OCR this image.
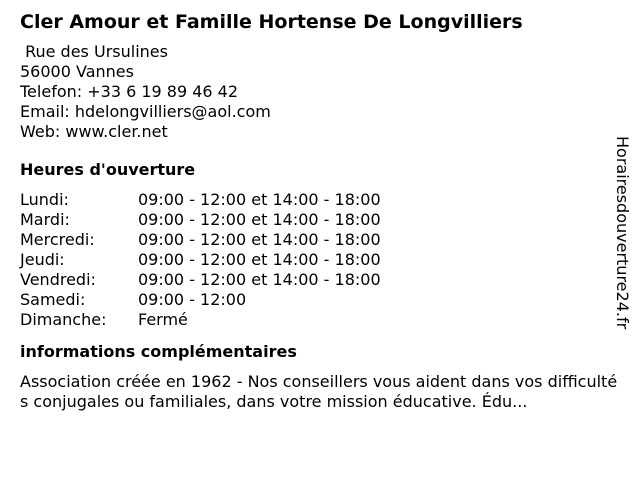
Cler Amour et Famille Hortense De Longvilliers
Rue des Ursulines
56000 Vannes
Telefon: +33 6 19 89 46 42
Email: hdelongvilliers@aol.com
Web: www.cler.net
Heures d'ouverture
Lundi:	09:00 - 12:00 et 14:00 - 18:00
Mardi:	09:00 - 12:00 et 14:00 - 18:00
Mercredi:	09:00 - 12:00 et 14:00 - 18:00
Jeudi:	09:00 - 12:00 et 14:00 - 18:00
Vendredi:	09:00 - 12:00 et 14:00 - 18:00
Samedi:	09:00 - 12:00
Dimanche: Fermé
informations complémentaires

Association créée en 1962 - Nos conseillers vous aident dans vos difficultés conjugales ou familiales, dans votre mission éducative. Édu...

Horairesdouverture24.fr
